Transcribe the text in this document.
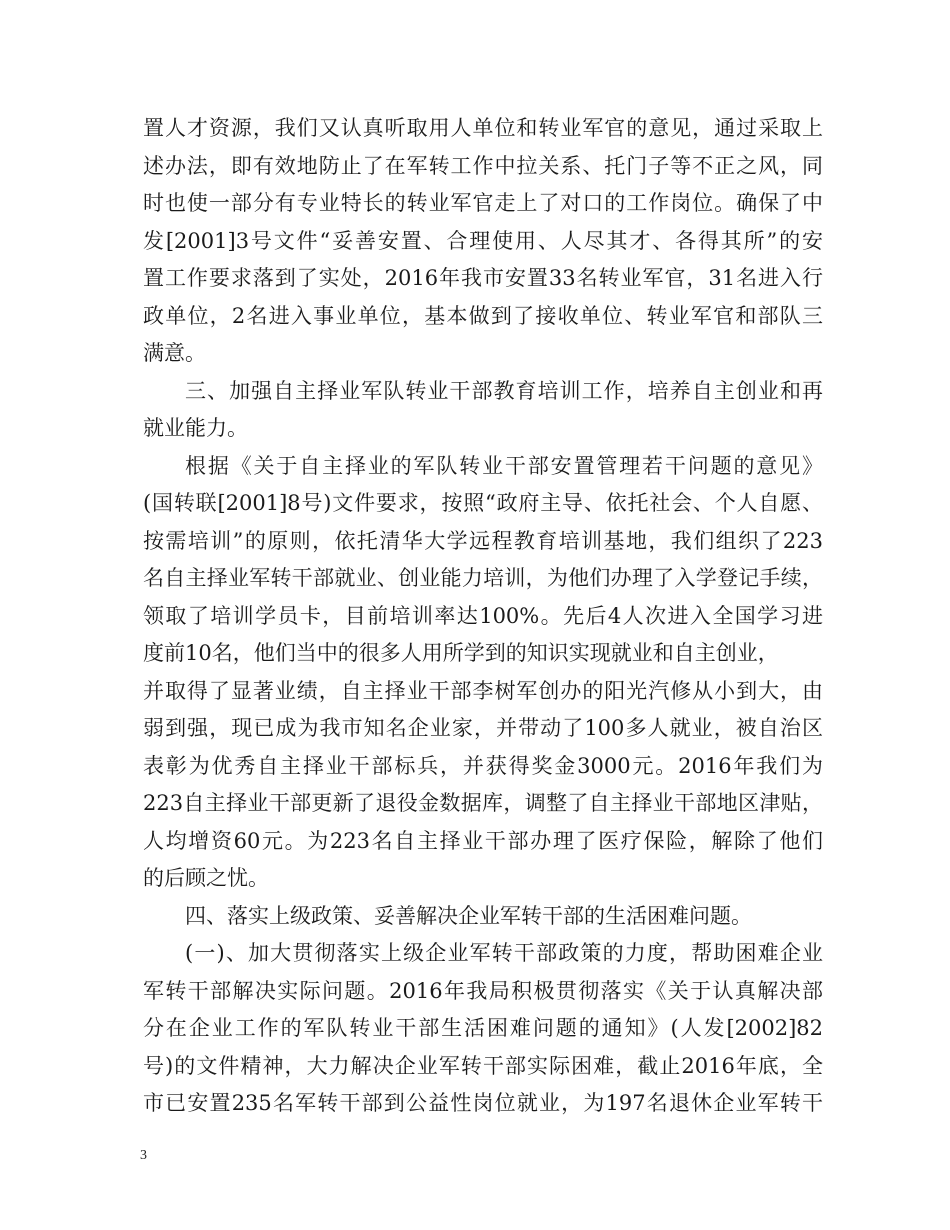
置人才资源，我们又认真听取用人单位和转业军官的意见，通过采取上
述办法，即有效地防止了在军转工作中拉关系、托门子等不正之风，同
时也使一部分有专业特长的转业军官走上了对口的工作岗位。确保了中
发[2001]3号文件“妥善安置、合理使用、人尽其才、各得其所”的安
置工作要求落到了实处，2016年我市安置33名转业军官，31名进入行
政单位，2名进入事业单位，基本做到了接收单位、转业军官和部队三
满意。
三、加强自主择业军队转业干部教育培训工作，培养自主创业和再
就业能力。
根据《关于自主择业的军队转业干部安置管理若干问题的意见》
(国转联[2001]8号)文件要求，按照“政府主导、依托社会、个人自愿、
按需培训”的原则，依托清华大学远程教育培训基地，我们组织了223
名自主择业军转干部就业、创业能力培训，为他们办理了入学登记手续，
领取了培训学员卡，目前培训率达100%。先后4人次进入全国学习进
度前10名，他们当中的很多人用所学到的知识实现就业和自主创业，
并取得了显著业绩，自主择业干部李树军创办的阳光汽修从小到大，由
弱到强，现已成为我市知名企业家，并带动了100多人就业，被自治区
表彰为优秀自主择业干部标兵，并获得奖金3000元。2016年我们为
223自主择业干部更新了退役金数据库，调整了自主择业干部地区津贴，
人均增资60元。为223名自主择业干部办理了医疗保险，解除了他们
的后顾之忧。
四、落实上级政策、妥善解决企业军转干部的生活困难问题。
(一)、加大贯彻落实上级企业军转干部政策的力度，帮助困难企业
军转干部解决实际问题。2016年我局积极贯彻落实《关于认真解决部
分在企业工作的军队转业干部生活困难问题的通知》(人发[2002]82
号)的文件精神，大力解决企业军转干部实际困难，截止2016年底，全
市已安置235名军转干部到公益性岗位就业，为197名退休企业军转干
3
